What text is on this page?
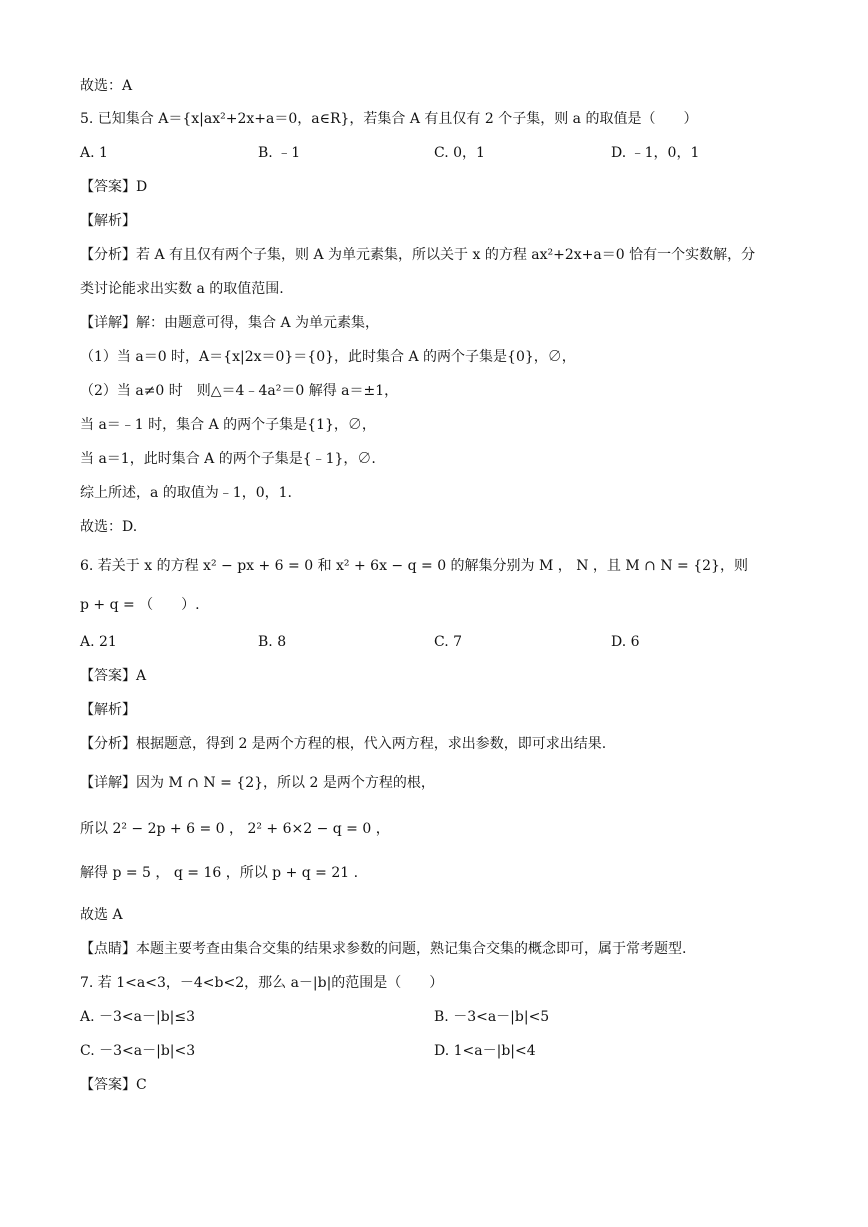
故选：A
5. 已知集合 A＝{x|ax²+2x+a＝0，a∈R}，若集合 A 有且仅有 2 个子集，则 a 的取值是（　　）
A. 1	B. ﹣1	C. 0，1	D. ﹣1，0，1
【答案】D
【解析】
【分析】若 A 有且仅有两个子集，则 A 为单元素集，所以关于 x 的方程 ax²+2x+a＝0 恰有一个实数解，分
类讨论能求出实数 a 的取值范围.
【详解】解：由题意可得，集合 A 为单元素集，
（1）当 a＝0 时，A＝{x|2x＝0}＝{0}，此时集合 A 的两个子集是{0}，∅，
（2）当 a≠0 时　则△＝4﹣4a²＝0 解得 a＝±1，
当 a＝﹣1 时，集合 A 的两个子集是{1}，∅，
当 a＝1，此时集合 A 的两个子集是{﹣1}，∅.
综上所述，a 的取值为﹣1，0，1.
故选：D.
6. 若关于 x 的方程 x² − px + 6 = 0 和 x² + 6x − q = 0 的解集分别为 M ， N ，且 M ∩ N = {2}，则
p + q = （　　）.
A. 21	B. 8	C. 7	D. 6
【答案】A
【解析】
【分析】根据题意，得到 2 是两个方程的根，代入两方程，求出参数，即可求出结果.
【详解】因为 M ∩ N = {2}，所以 2 是两个方程的根，
所以 2² − 2p + 6 = 0 ， 2² + 6×2 − q = 0 ，
解得 p = 5 ， q = 16 ，所以 p + q = 21 .
故选 A
【点睛】本题主要考查由集合交集的结果求参数的问题，熟记集合交集的概念即可，属于常考题型.
7. 若 1<a<3，－4<b<2，那么 a－|b|的范围是（　　）
A. －3<a－|b|≤3	B. －3<a－|b|<5
C. －3<a－|b|<3	D. 1<a－|b|<4
【答案】C
